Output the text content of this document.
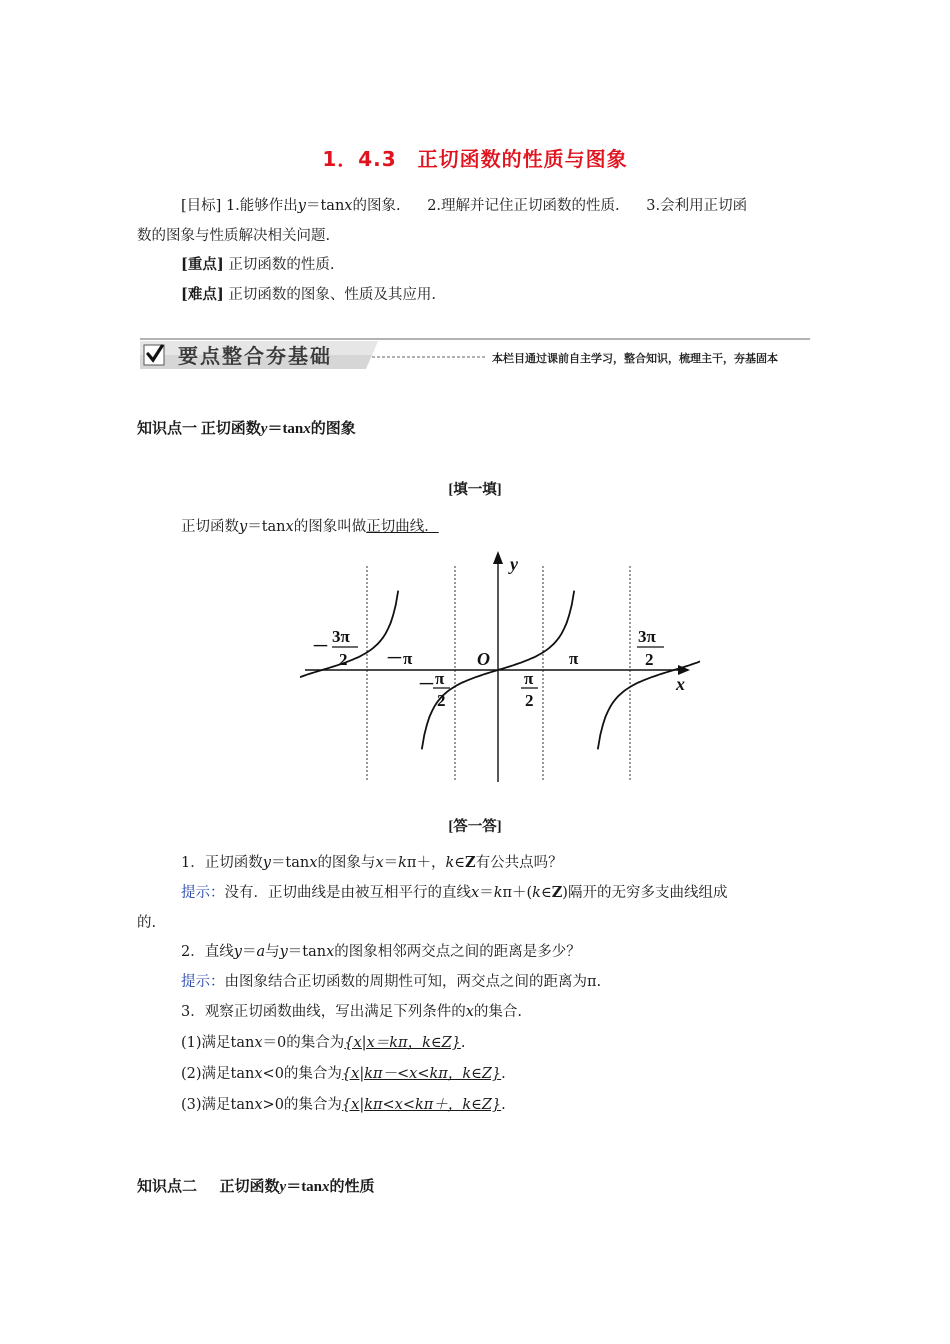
1．4.3　正切函数的性质与图象
[目标] 1.能够作出y＝tanx的图象. 2.理解并记住正切函数的性质. 3.会利用正切函
数的图象与性质解决相关问题.
[重点] 正切函数的性质.
[难点] 正切函数的图象、性质及其应用.
要点整合夯基础	本栏目通过课前自主学习，整合知识，梳理主干，夯基固本
知识点一 正切函数y＝tanx的图象
[填一填]
正切函数y＝tanx的图象叫做正切曲线．
y
x
O
－
3π
2 －π
－ π
2
π
2
π
3π
2
[答一答]
1．正切函数y＝tanx的图象与x＝kπ＋，k∈Z有公共点吗？
提示：没有．正切曲线是由被互相平行的直线x＝kπ＋(k∈Z)隔开的无穷多支曲线组成
的.
2．直线y＝a与y＝tanx的图象相邻两交点之间的距离是多少？
提示：由图象结合正切函数的周期性可知，两交点之间的距离为π.
3．观察正切函数曲线，写出满足下列条件的x的集合.
(1)满足tanx＝0的集合为{x|x＝kπ，k∈Z}.
(2)满足tanx<0的集合为{x|kπ－<x<kπ，k∈Z}.
(3)满足tanx>0的集合为{x|kπ<x<kπ＋，k∈Z}.
知识点二      正切函数y＝tanx的性质
